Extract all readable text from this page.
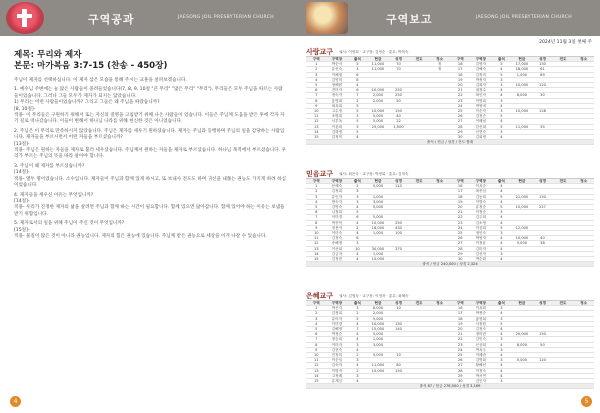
구역공과	JAESONG JOIL PRESBYTERIAN CHURCH	구역보고	JAESONG JOIL PRESBYTERIAN CHURCH
제목: 무리와 제자
본문: 마가복음 3:7-15 (찬송 - 450장)

주님이 제자를 선택하십니다. 이 제자 삼은 모습을 통해 주시는 교훈을 살펴보겠습니다.

1. 예수님 주변에는 늘 많은 사람들이 몰려들었습니다(7, 8, 9, 10절 "큰 무리" "많은 무리" "무리"). 무리들은 모두 주님을 따르는 사람들이었습니다. 그러나 그들 모두가 제자가 되지는 않았습니다.
1) 무리는 어떤 사람들이었습니까? 그리고 그들은 왜 주님을 따랐습니까?
[8, 10절]-
적용- 이 무리들은 구원하기 위해서 또는 자신의 질병을 고침받기 위해 나온 사람들이 었습니다. 이들은 주님께 도움을 받은 후에 각자 자기 길로 떠나갔습니다. 이들이 변해서 하나님 나라를 위해 헌신한 것은 아니었습니다.

2. 주님은 이 무리로 만족하시지 않았습니다. 주님은 제자를 세우기 원하셨습니다. 제자는 주님과 동행하며 주님의 일을 감당하는 사람입니다. 제자들을 부르시면서 어떤 자들을 부르셨습니까?
[13절]-
적용- 주님은 원하는 자들을 제자로 불러 세우셨습니다. 주님께서 원하는 자들을 제자로 부르셨습니다. 하나님 목적에서 부르셨습니다. 우리가 부르는 주님의 뜻을 따라 살아야 합니다.

3. 주님이 왜 제자를 부르셨습니까?
[14절]-
적용- 열두 명이었습니다. 소수입니다. 제자들이 주님과 함께 있게 하시고, 또 보내사 전도도 하며 귀신을 내쫓는 권능도 가지게 하려 하심이었습니다.

4. 제자들을 세우신 이유는 무엇입니까?
[14절]-
적용- 우리가 진정한 제자의 삶을 살려면 주님과 함께 하는 시간이 필요합니다. 함께 있으면 닮아갑니다. 함께 있어야 하는 이유는 보냄을 받기 위함입니다.

5. 제자로서의 일을 위해 주님이 주신 것이 무엇입니까?
[15절]-
적용- 물질이 많은 것이 아니라 권능입니다. 제자의 힘은 권능에 있습니다. 주님께 받은 권능으로 세상을 이겨 나갈 수 있습니다.

4
2024년 11월 3일 첫째 주
사랑교구 권사: 이영희 · 교구장: 김정순 · 총무: 박미숙
구역	구역장	출석	헌금	성경	전도	정소	구역	구역장	출석	헌금	성경	전도	정소
1	박순자	5	11,000	70		정	16	김영자	5	17,000	130		
2	유선숙	3	11,000	70		정	17	김해숙	4	18,000	61		
3	이해정	6					18	김정미	5	1,000	69		
4	김영미	8					19	박정자	3				
5	정해원	4					20	김희자	3	10,000	120		
6	전미자	6	10,000	250			21	권정수	4				
7	정숙자	7	2,000	250			22	최인자	4	8,000	30		
8	홍명희	2	2,000	50			23	이명희	3				
9	최옥희	5					24	박영애	4				
10	고수정	5	10,000	150			25	이순자	3	10,000	128		
11	조명희	3	5,000	40			26	김정순	5				
12	서부옥	5	5,000	22			27	이혜남	4				
13	이윤희	3	25,000	1,500			28	한선희	5	11,000	35		
14	김화영	5					29	신현숙	3				
15	김정미	4					30	김희정	4				
출석 / 헌금 / 성경 / 전도 합계													
믿음교구 권사: 최은숙 · 교구장: 박정희 · 총무: 김미숙
구역	구역장	출석	헌금	성경	전도	정소	구역	구역장	출석	헌금	성경	전도	정소
1	문혜숙	2	5,000	110			16	이옥순	4				
2	김정희	3					17	최종임	4				
3	유인자	3	1,000				18	김동희	5	21,000	150		
4	방숙자	3	3,000				19	이명숙	4				
5	김명숙	4	5,000				20	유정순	5	10,000	227		
6	나정희	5					21	이정순	3				
7	이미경	6	5,000				22	김주희	4				
8	박종덕	4	10,000	250			23	김소영	4				
9	정용자	2	16,000	430			24	이상희	5	12,000			
10	이미숙	4	1,000	100			25	정인숙	3				
11	김정숙	6					26	박영자	4	10,000	40		
12	송해정	3					27	이정윤	4	5,000	38		
13	이선희	10	30,000	370			28	김미자	4				
14	김금자	4	1,000				29	김선자	3				
15	김정현	4	10,000				30	박순화	4				
출석 / 헌금 240,000 / 성경 2,324													
은혜교구 권사: 김영숙 · 교구장: 이정자 · 총무: 최혜숙
구역	구역장	출석	헌금	성경	전도	정소	구역	구역장	출석	헌금	성경	전도	정소
1	박은자	3	8,000	10			16	이옥화	3				
2	김정희	2	2,000				17	박정순	4				
3	유미자	5	5,000				18	홍영희	3				
4	이미향	4	10,000	130			19	서정원	5				
5	김해영	7	15,000	140			20	김정숙	4				
6	박정순	4	5,000				21	정미란	4	20,000	150		
7	정승희	4	1,000				22	김민숙	3				
8	이미자	3	3,000				23	신상희	4	8,000	50		
9	김현숙	4					24	박옥주	3				
10	진정미	2	5,000	10			25	이혜란	4				
11	이순임	3					26	김명희	3	5,000	120		
12	김숙자	4	11,000	80			27	황해선	4				
13	이명자	2	10,000	150			28	이정숙	4				
14	고정례	3					29	박서연	4				
15	유계심	4					30	김인자	3				
출석 87 / 헌금 278,500 / 성경 3,169													
5
